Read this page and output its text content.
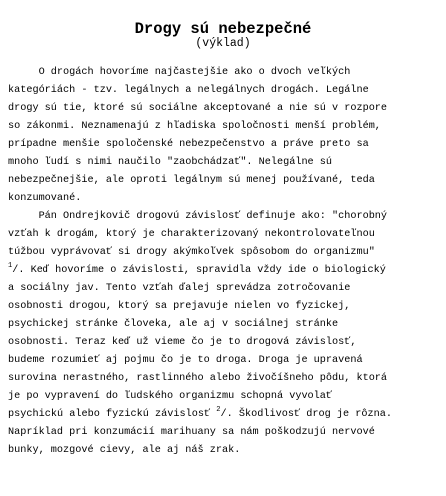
Drogy sú nebezpečné
(výklad)
O drogách hovoríme najčastejšie ako o dvoch veľkých
kategóriách - tzv. legálnych a nelegálnych drogách. Legálne
drogy sú tie, ktoré sú sociálne akceptované a nie sú v rozpore
so zákonmi. Neznamenajú z hľadiska spoločnosti menší problém,
prípadne menšie spoločenské nebezpečenstvo a práve preto sa
mnoho ľudí s nimi naučilo "zaobchádzať". Nelegálne sú
nebezpečnejšie, ale oproti legálnym sú menej používané, teda
konzumované.
Pán Ondrejkovič drogovú závislosť definuje ako: "chorobný
vzťah k drogám, ktorý je charakterizovaný nekontrolovateľnou
túžbou vyprávovať si drogy akýmkoľvek spôsobom do organizmu"
$^1$/. Keď hovoríme o závislosti, spravidla vždy ide o biologický
a sociálny jav. Tento vzťah ďalej sprevádza zotročovanie
osobnosti drogou, ktorý sa prejavuje nielen vo fyzickej,
psychickej stránke človeka, ale aj v sociálnej stránke
osobnosti. Teraz keď už vieme čo je to drogová závislosť,
budeme rozumieť aj pojmu čo je to droga. Droga je upravená
surovina nerastného, rastlinného alebo živočíšneho pôdu, ktorá
je po vypravení do ľudského organizmu schopná vyvolať
psychickú alebo fyzickú závislosť $^2$/. Škodlivosť drog je rôzna.
Napríklad pri konzumácií marihuany sa nám poškodzujú nervové
bunky, mozgové cievy, ale aj náš zrak.
